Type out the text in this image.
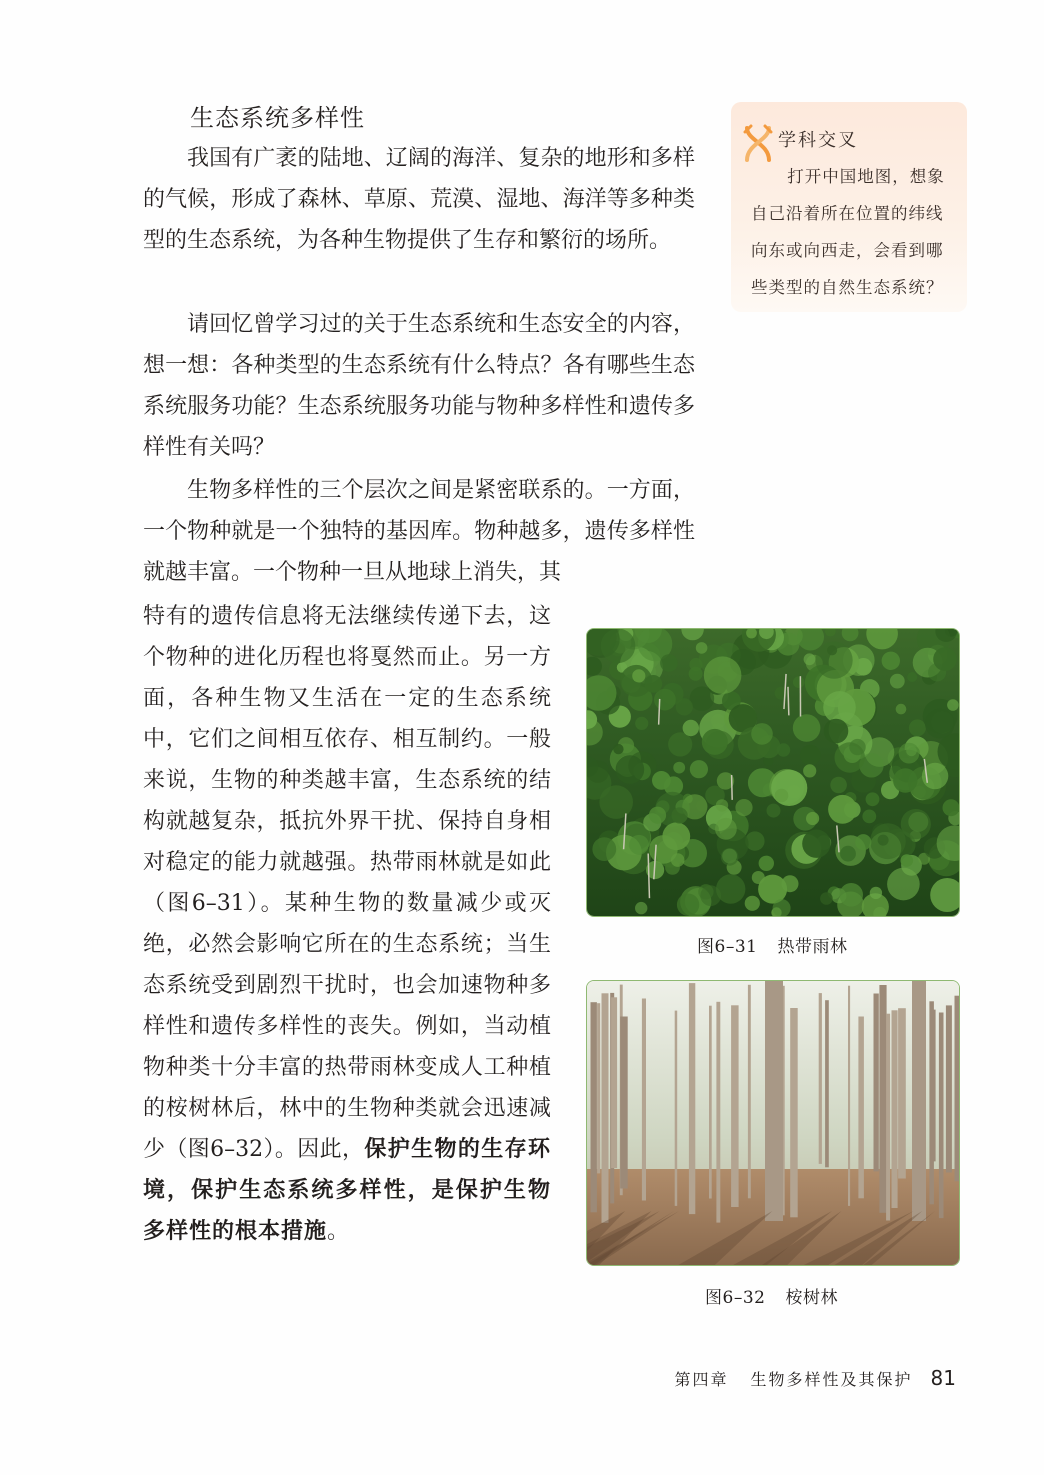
生态系统多样性

我国有广袤的陆地、辽阔的海洋、复杂的地形和多样的气候，形成了森林、草原、荒漠、湿地、海洋等多种类型的生态系统，为各种生物提供了生存和繁衍的场所。

请回忆曾学习过的关于生态系统和生态安全的内容，想一想：各种类型的生态系统有什么特点？各有哪些生态系统服务功能？生态系统服务功能与物种多样性和遗传多样性有关吗？

生物多样性的三个层次之间是紧密联系的。一方面，一个物种就是一个独特的基因库。物种越多，遗传多样性就越丰富。一个物种一旦从地球上消失，其

特有的遗传信息将无法继续传递下去，这个物种的进化历程也将戛然而止。另一方面，各种生物又生活在一定的生态系统中，它们之间相互依存、相互制约。一般来说，生物的种类越丰富，生态系统的结构就越复杂，抵抗外界干扰、保持自身相对稳定的能力就越强。热带雨林就是如此（图6–31）。某种生物的数量减少或灭绝，必然会影响它所在的生态系统；当生态系统受到剧烈干扰时，也会加速物种多样性和遗传多样性的丧失。例如，当动植物种类十分丰富的热带雨林变成人工种植的桉树林后，林中的生物种类就会迅速减少（图6–32）。因此，保护生物的生存环境，保护生态系统多样性，是保护生物多样性的根本措施。

学科交叉

打开中国地图，想象自己沿着所在位置的纬线向东或向西走，会看到哪些类型的自然生态系统？

图6–31 热带雨林
图6–32 桉树林
第四章 生物多样性及其保护 81
